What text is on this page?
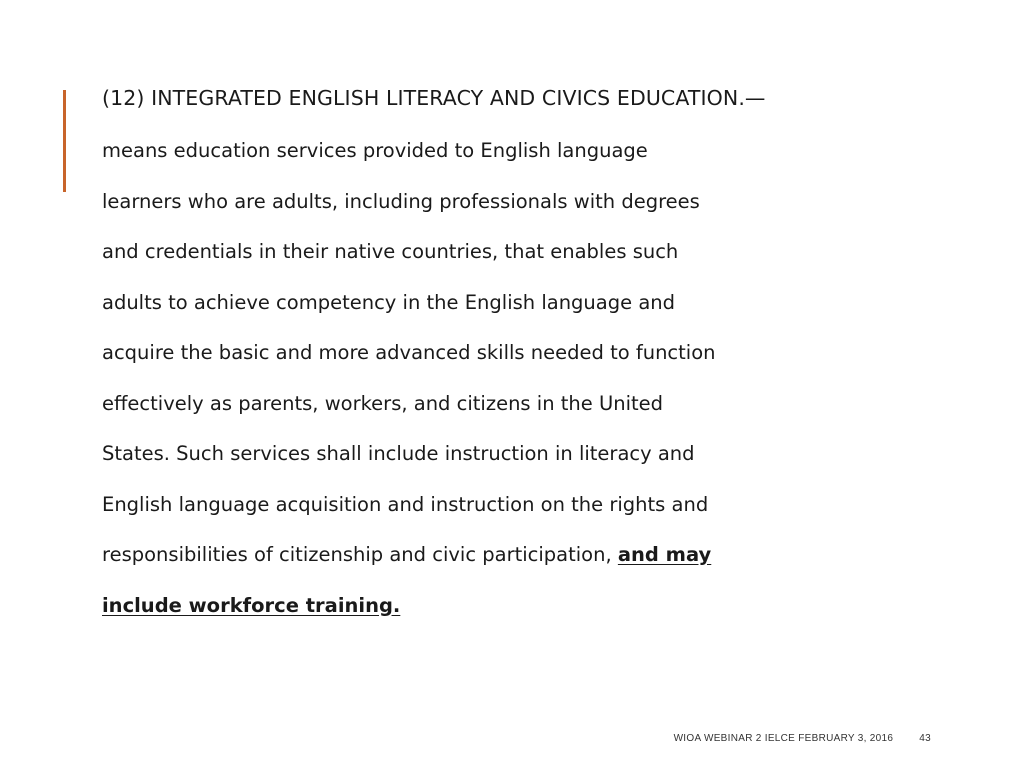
(12) INTEGRATED ENGLISH LITERACY AND CIVICS EDUCATION.—
means education services provided to English language
learners who are adults, including professionals with degrees
and credentials in their native countries, that enables such
adults to achieve competency in the English language and
acquire the basic and more advanced skills needed to function
effectively as parents, workers, and citizens in the United
States. Such services shall include instruction in literacy and
English language acquisition and instruction on the rights and
responsibilities of citizenship and civic participation, and may
include workforce training.
WIOA WEBINAR 2 IELCE FEBRUARY 3, 2016	43
